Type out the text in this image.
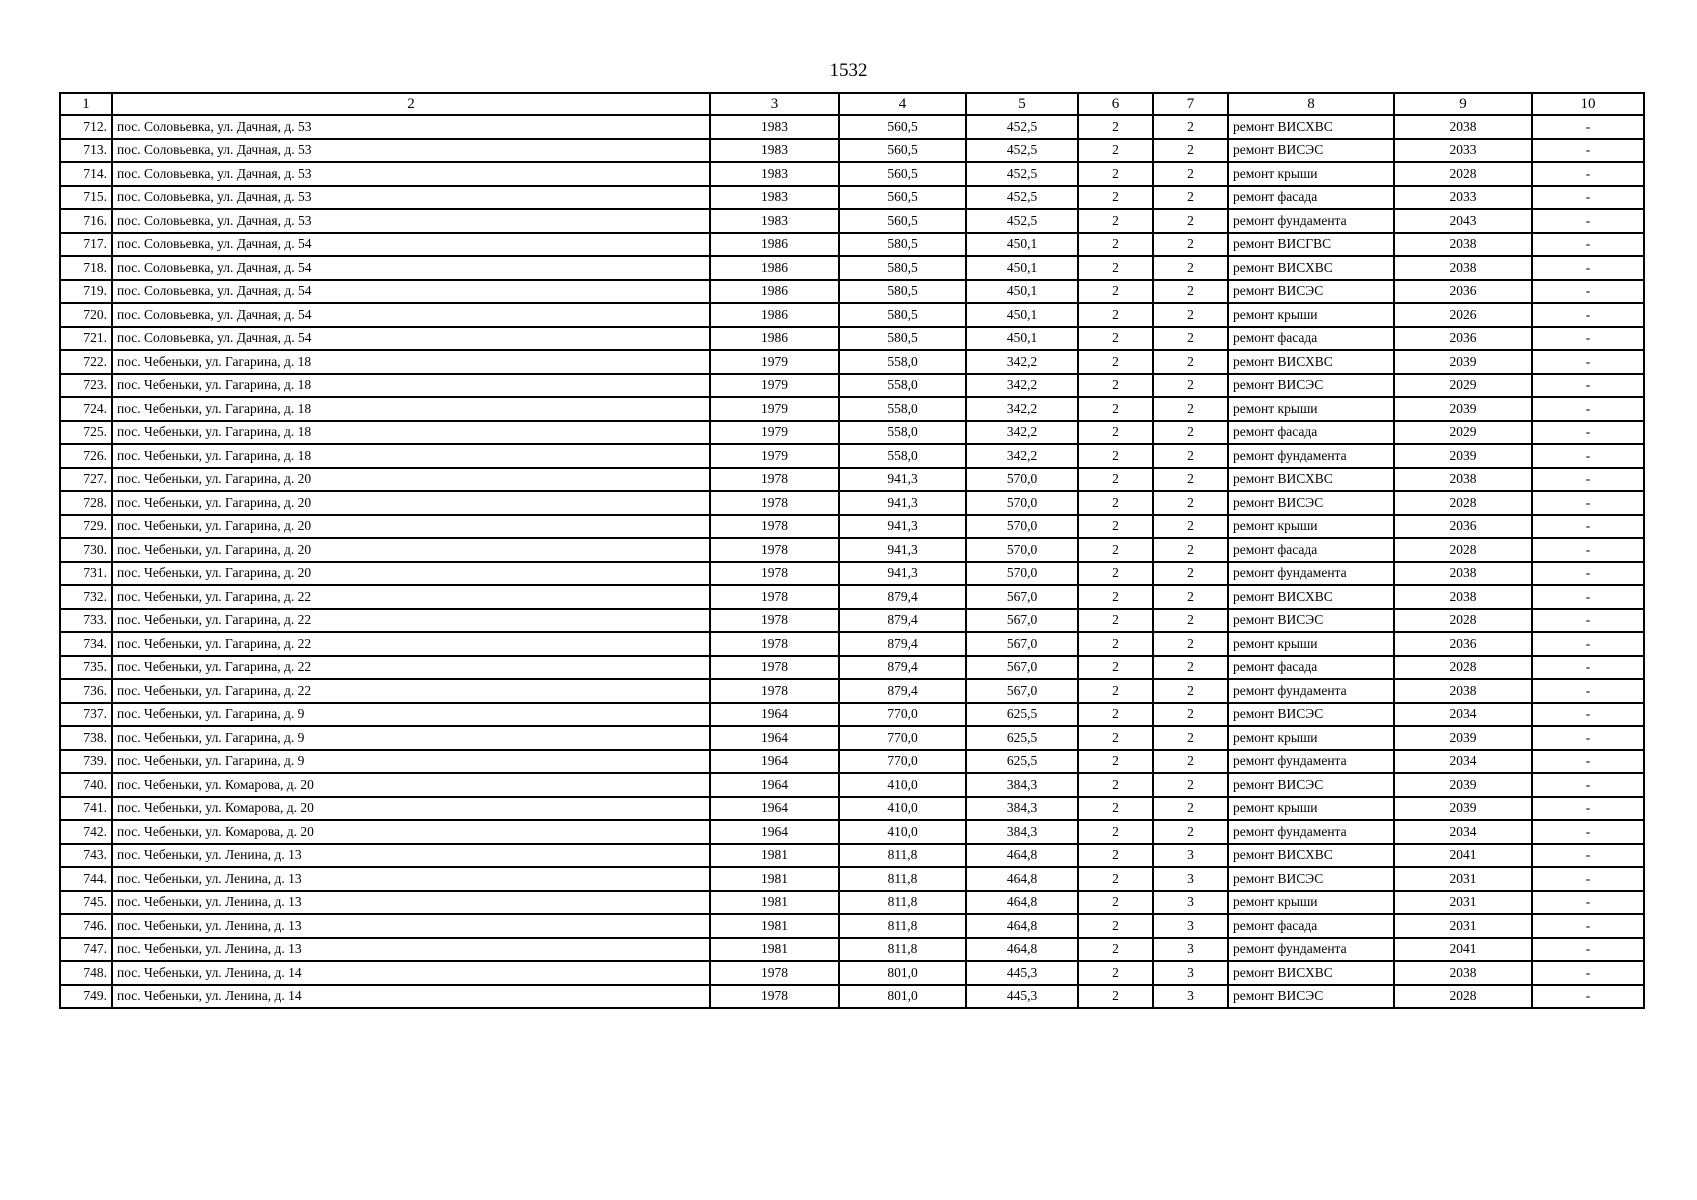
1532
1	2	3	4	5	6	7	8	9	10
712.	пос. Соловьевка, ул. Дачная, д. 53	1983	560,5	452,5	2	2	ремонт ВИСХВС	2038	-
713.	пос. Соловьевка, ул. Дачная, д. 53	1983	560,5	452,5	2	2	ремонт ВИСЭС	2033	-
714.	пос. Соловьевка, ул. Дачная, д. 53	1983	560,5	452,5	2	2	ремонт крыши	2028	-
715.	пос. Соловьевка, ул. Дачная, д. 53	1983	560,5	452,5	2	2	ремонт фасада	2033	-
716.	пос. Соловьевка, ул. Дачная, д. 53	1983	560,5	452,5	2	2	ремонт фундамента	2043	-
717.	пос. Соловьевка, ул. Дачная, д. 54	1986	580,5	450,1	2	2	ремонт ВИСГВС	2038	-
718.	пос. Соловьевка, ул. Дачная, д. 54	1986	580,5	450,1	2	2	ремонт ВИСХВС	2038	-
719.	пос. Соловьевка, ул. Дачная, д. 54	1986	580,5	450,1	2	2	ремонт ВИСЭС	2036	-
720.	пос. Соловьевка, ул. Дачная, д. 54	1986	580,5	450,1	2	2	ремонт крыши	2026	-
721.	пос. Соловьевка, ул. Дачная, д. 54	1986	580,5	450,1	2	2	ремонт фасада	2036	-
722.	пос. Чебеньки, ул. Гагарина, д. 18	1979	558,0	342,2	2	2	ремонт ВИСХВС	2039	-
723.	пос. Чебеньки, ул. Гагарина, д. 18	1979	558,0	342,2	2	2	ремонт ВИСЭС	2029	-
724.	пос. Чебеньки, ул. Гагарина, д. 18	1979	558,0	342,2	2	2	ремонт крыши	2039	-
725.	пос. Чебеньки, ул. Гагарина, д. 18	1979	558,0	342,2	2	2	ремонт фасада	2029	-
726.	пос. Чебеньки, ул. Гагарина, д. 18	1979	558,0	342,2	2	2	ремонт фундамента	2039	-
727.	пос. Чебеньки, ул. Гагарина, д. 20	1978	941,3	570,0	2	2	ремонт ВИСХВС	2038	-
728.	пос. Чебеньки, ул. Гагарина, д. 20	1978	941,3	570,0	2	2	ремонт ВИСЭС	2028	-
729.	пос. Чебеньки, ул. Гагарина, д. 20	1978	941,3	570,0	2	2	ремонт крыши	2036	-
730.	пос. Чебеньки, ул. Гагарина, д. 20	1978	941,3	570,0	2	2	ремонт фасада	2028	-
731.	пос. Чебеньки, ул. Гагарина, д. 20	1978	941,3	570,0	2	2	ремонт фундамента	2038	-
732.	пос. Чебеньки, ул. Гагарина, д. 22	1978	879,4	567,0	2	2	ремонт ВИСХВС	2038	-
733.	пос. Чебеньки, ул. Гагарина, д. 22	1978	879,4	567,0	2	2	ремонт ВИСЭС	2028	-
734.	пос. Чебеньки, ул. Гагарина, д. 22	1978	879,4	567,0	2	2	ремонт крыши	2036	-
735.	пос. Чебеньки, ул. Гагарина, д. 22	1978	879,4	567,0	2	2	ремонт фасада	2028	-
736.	пос. Чебеньки, ул. Гагарина, д. 22	1978	879,4	567,0	2	2	ремонт фундамента	2038	-
737.	пос. Чебеньки, ул. Гагарина, д. 9	1964	770,0	625,5	2	2	ремонт ВИСЭС	2034	-
738.	пос. Чебеньки, ул. Гагарина, д. 9	1964	770,0	625,5	2	2	ремонт крыши	2039	-
739.	пос. Чебеньки, ул. Гагарина, д. 9	1964	770,0	625,5	2	2	ремонт фундамента	2034	-
740.	пос. Чебеньки, ул. Комарова, д. 20	1964	410,0	384,3	2	2	ремонт ВИСЭС	2039	-
741.	пос. Чебеньки, ул. Комарова, д. 20	1964	410,0	384,3	2	2	ремонт крыши	2039	-
742.	пос. Чебеньки, ул. Комарова, д. 20	1964	410,0	384,3	2	2	ремонт фундамента	2034	-
743.	пос. Чебеньки, ул. Ленина, д. 13	1981	811,8	464,8	2	3	ремонт ВИСХВС	2041	-
744.	пос. Чебеньки, ул. Ленина, д. 13	1981	811,8	464,8	2	3	ремонт ВИСЭС	2031	-
745.	пос. Чебеньки, ул. Ленина, д. 13	1981	811,8	464,8	2	3	ремонт крыши	2031	-
746.	пос. Чебеньки, ул. Ленина, д. 13	1981	811,8	464,8	2	3	ремонт фасада	2031	-
747.	пос. Чебеньки, ул. Ленина, д. 13	1981	811,8	464,8	2	3	ремонт фундамента	2041	-
748.	пос. Чебеньки, ул. Ленина, д. 14	1978	801,0	445,3	2	3	ремонт ВИСХВС	2038	-
749.	пос. Чебеньки, ул. Ленина, д. 14	1978	801,0	445,3	2	3	ремонт ВИСЭС	2028	-
